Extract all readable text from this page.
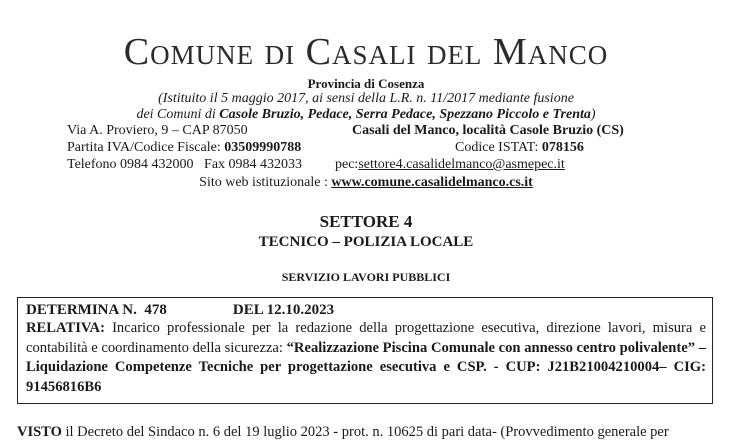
Comune di Casali del Manco
Provincia di Cosenza
(Istituito il 5 maggio 2017, ai sensi della L.R. n. 11/2017 mediante fusione
dei Comuni di Casole Bruzio, Pedace, Serra Pedace, Spezzano Piccolo e Trenta)
Via A. Proviero, 9 – CAP 87050	Casali del Manco, località Casole Bruzio (CS)
Partita IVA/Codice Fiscale: 03509990788	Codice ISTAT: 078156
Telefono 0984 432000   Fax 0984 432033 pec:settore4.casalidelmanco@asmepec.it
Sito web istituzionale : www.comune.casalidelmanco.cs.it
SETTORE 4
TECNICO – POLIZIA LOCALE
SERVIZIO LAVORI PUBBLICI
DETERMINA N.  478	DEL 12.10.2023

RELATIVA: Incarico professionale per la redazione della progettazione esecutiva, direzione lavori, misura e contabilità e coordinamento della sicurezza: “Realizzazione Piscina Comunale con annesso centro polivalente” – Liquidazione Competenze Tecniche per progettazione esecutiva e CSP. - CUP: J21B21004210004– CIG: 91456816B6

VISTO il Decreto del Sindaco n. 6 del 19 luglio 2023 - prot. n. 10625 di pari data- (Provvedimento generale per
